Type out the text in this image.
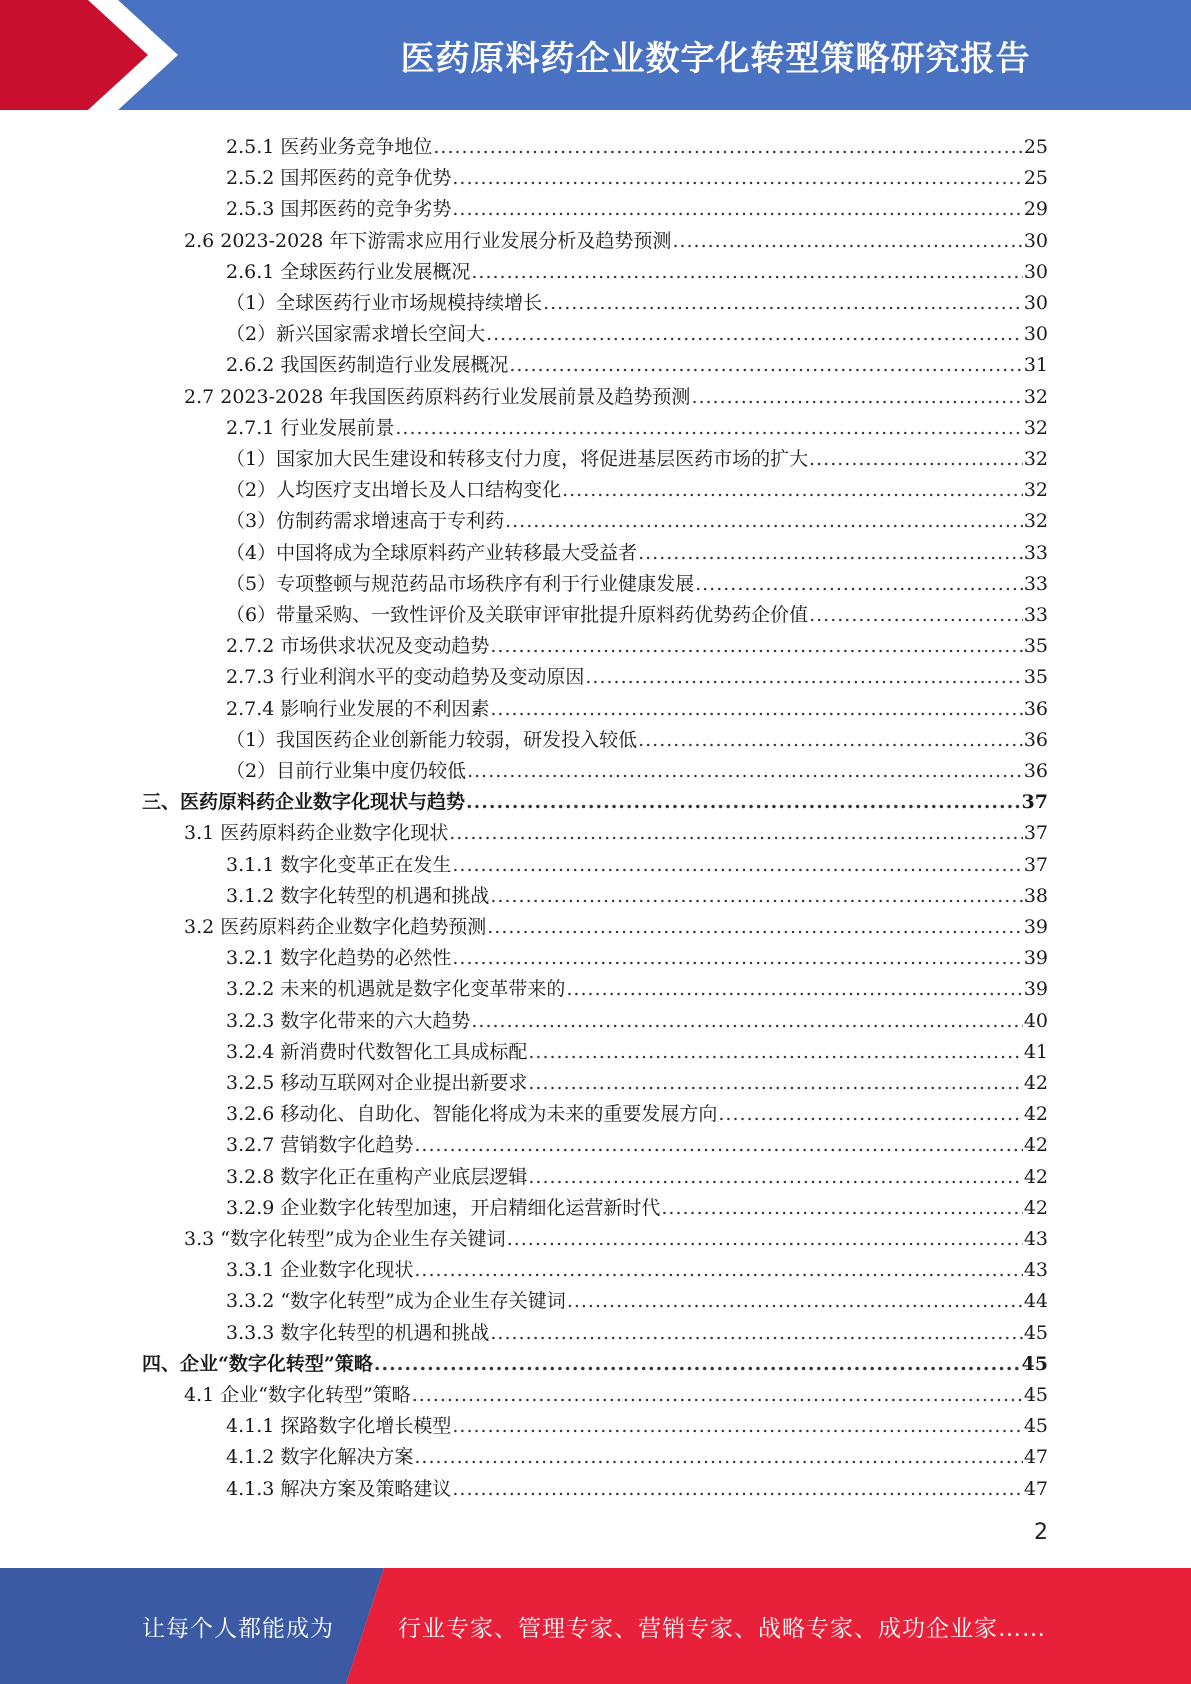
医药原料药企业数字化转型策略研究报告
2.5.1 医药业务竞争地位 .....	25
2.5.2 国邦医药的竞争优势 .....	25
2.5.3 国邦医药的竞争劣势 .....	29
2.6 2023-2028 年下游需求应用行业发展分析及趋势预测 .....	30
2.6.1 全球医药行业发展概况 .....	30
（1）全球医药行业市场规模持续增长 .....	30
（2）新兴国家需求增长空间大 .....	30
2.6.2 我国医药制造行业发展概况 .....	31
2.7 2023-2028 年我国医药原料药行业发展前景及趋势预测 .....	32
2.7.1 行业发展前景 .....	32
（1）国家加大民生建设和转移支付力度，将促进基层医药市场的扩大 .....	32
（2）人均医疗支出增长及人口结构变化 .....	32
（3）仿制药需求增速高于专利药 .....	32
（4）中国将成为全球原料药产业转移最大受益者 .....	33
（5）专项整顿与规范药品市场秩序有利于行业健康发展 .....	33
（6）带量采购、一致性评价及关联审评审批提升原料药优势药企价值 .....	33
2.7.2 市场供求状况及变动趋势 .....	35
2.7.3 行业利润水平的变动趋势及变动原因 .....	35
2.7.4 影响行业发展的不利因素 .....	36
（1）我国医药企业创新能力较弱，研发投入较低 .....	36
（2）目前行业集中度仍较低 .....	36
三、医药原料药企业数字化现状与趋势 .....	37
3.1 医药原料药企业数字化现状 .....	37
3.1.1 数字化变革正在发生 .....	37
3.1.2 数字化转型的机遇和挑战 .....	38
3.2 医药原料药企业数字化趋势预测 .....	39
3.2.1 数字化趋势的必然性 .....	39
3.2.2 未来的机遇就是数字化变革带来的 .....	39
3.2.3 数字化带来的六大趋势 .....	40
3.2.4 新消费时代数智化工具成标配 .....	41
3.2.5 移动互联网对企业提出新要求 .....	42
3.2.6 移动化、自助化、智能化将成为未来的重要发展方向 .....	42
3.2.7 营销数字化趋势 .....	42
3.2.8 数字化正在重构产业底层逻辑 .....	42
3.2.9 企业数字化转型加速，开启精细化运营新时代 .....	42
3.3 “数字化转型”成为企业生存关键词 .....	43
3.3.1 企业数字化现状 .....	43
3.3.2 “数字化转型”成为企业生存关键词 .....	44
3.3.3 数字化转型的机遇和挑战 .....	45
四、企业“数字化转型”策略 .....	45
4.1 企业“数字化转型”策略 .....	45
4.1.1 探路数字化增长模型 .....	45
4.1.2 数字化解决方案 .....	47
4.1.3 解决方案及策略建议 .....	47
2
让每个人都能成为	行业专家、管理专家、营销专家、战略专家、成功企业家……
